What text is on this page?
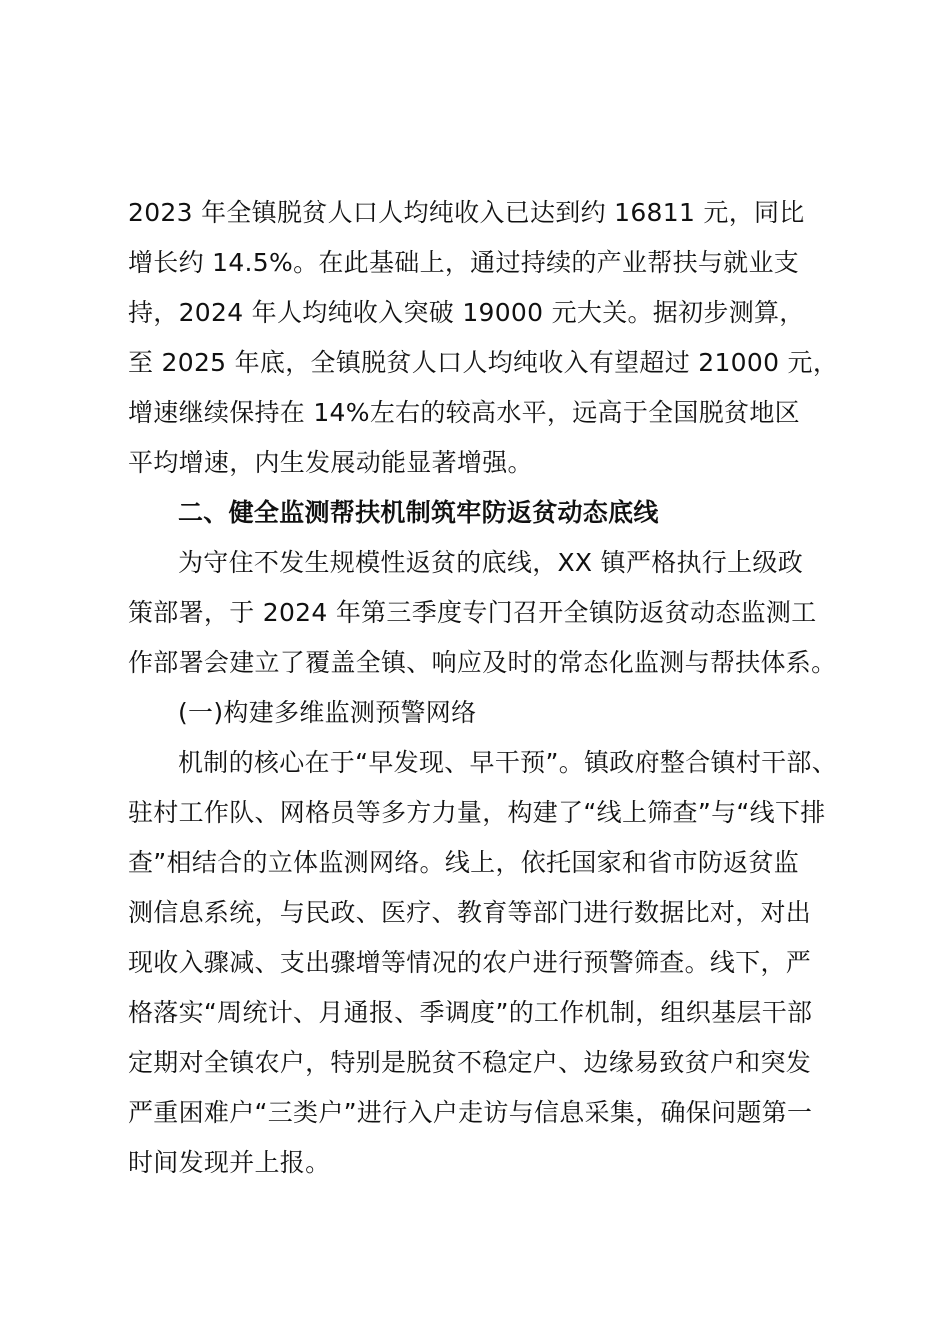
2023 年全镇脱贫人口人均纯收入已达到约 16811 元，同比
增长约 14.5%。在此基础上，通过持续的产业帮扶与就业支
持，2024 年人均纯收入突破 19000 元大关。据初步测算，
至 2025 年底，全镇脱贫人口人均纯收入有望超过 21000 元，
增速继续保持在 14%左右的较高水平，远高于全国脱贫地区
平均增速，内生发展动能显著增强。
二、健全监测帮扶机制筑牢防返贫动态底线
为守住不发生规模性返贫的底线，XX 镇严格执行上级政
策部署，于 2024 年第三季度专门召开全镇防返贫动态监测工
作部署会建立了覆盖全镇、响应及时的常态化监测与帮扶体系。
(一)构建多维监测预警网络
机制的核心在于“早发现、早干预”。镇政府整合镇村干部、
驻村工作队、网格员等多方力量，构建了“线上筛查”与“线下排
查”相结合的立体监测网络。线上，依托国家和省市防返贫监
测信息系统，与民政、医疗、教育等部门进行数据比对，对出
现收入骤减、支出骤增等情况的农户进行预警筛查。线下，严
格落实“周统计、月通报、季调度”的工作机制，组织基层干部
定期对全镇农户，特别是脱贫不稳定户、边缘易致贫户和突发
严重困难户“三类户”进行入户走访与信息采集，确保问题第一
时间发现并上报。
